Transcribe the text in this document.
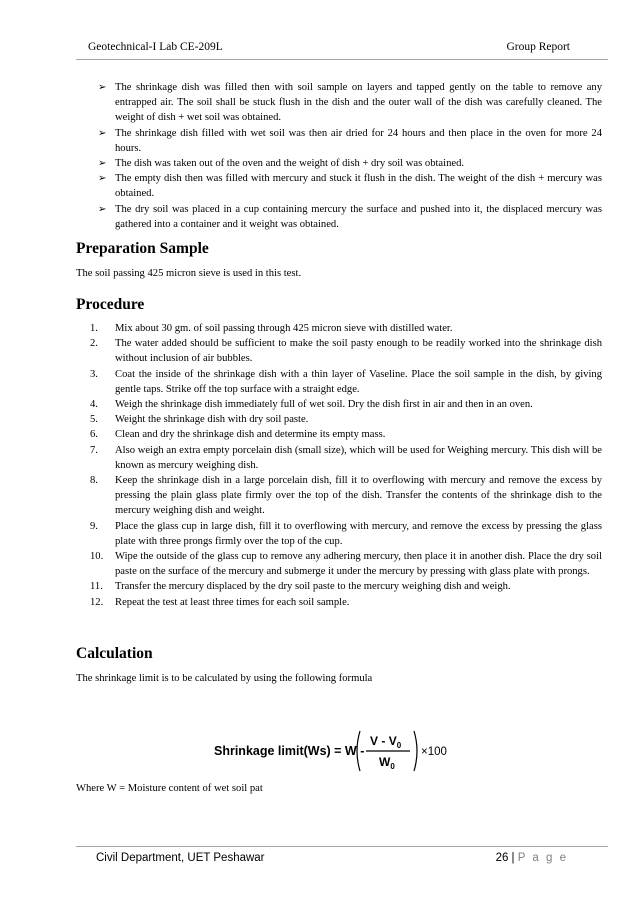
Geotechnical-I Lab CE-209L	Group Report
➢ The shrinkage dish was filled then with soil sample on layers and tapped gently on the table to remove any entrapped air. The soil shall be stuck flush in the dish and the outer wall of the dish was carefully cleaned. The weight of dish + wet soil was obtained.
➢ The shrinkage dish filled with wet soil was then air dried for 24 hours and then place in the oven for more 24 hours.
➢ The dish was taken out of the oven and the weight of dish + dry soil was obtained.
➢ The empty dish then was filled with mercury and stuck it flush in the dish. The weight of the dish + mercury was obtained.
➢ The dry soil was placed in a cup containing mercury the surface and pushed into it, the displaced mercury was gathered into a container and it weight was obtained.
Preparation Sample

The soil passing 425 micron sieve is used in this test.

Procedure
1.	Mix about 30 gm. of soil passing through 425 micron sieve with distilled water.
2.	The water added should be sufficient to make the soil pasty enough to be readily worked into the shrinkage dish without inclusion of air bubbles.
3.	Coat the inside of the shrinkage dish with a thin layer of Vaseline. Place the soil sample in the dish, by giving gentle taps. Strike off the top surface with a straight edge.
4.	Weigh the shrinkage dish immediately full of wet soil. Dry the dish first in air and then in an oven.
5.	Weight the shrinkage dish with dry soil paste.
6.	Clean and dry the shrinkage dish and determine its empty mass.
7.	Also weigh an extra empty porcelain dish (small size), which will be used for Weighing mercury. This dish will be known as mercury weighing dish.
8.	Keep the shrinkage dish in a large porcelain dish, fill it to overflowing with mercury and remove the excess by pressing the plain glass plate firmly over the top of the dish. Transfer the contents of the shrinkage dish to the mercury weighing dish and weight.
9.	Place the glass cup in large dish, fill it to overflowing with mercury, and remove the excess by pressing the glass plate with three prongs firmly over the top of the cup.
10.	Wipe the outside of the glass cup to remove any adhering mercury, then place it in another dish. Place the dry soil paste on the surface of the mercury and submerge it under the mercury by pressing with glass plate with prongs.
11.	Transfer the mercury displaced by the dry soil paste to the mercury weighing dish and weigh.
12.	Repeat the test at least three times for each soil sample.
Calculation

The shrinkage limit is to be calculated by using the following formula

Shrinkage limit(Ws) = W -
V - $V_0$
$W_0$
×100

Where W = Moisture content of wet soil pat

Civil Department, UET Peshawar	26 | P a g e
